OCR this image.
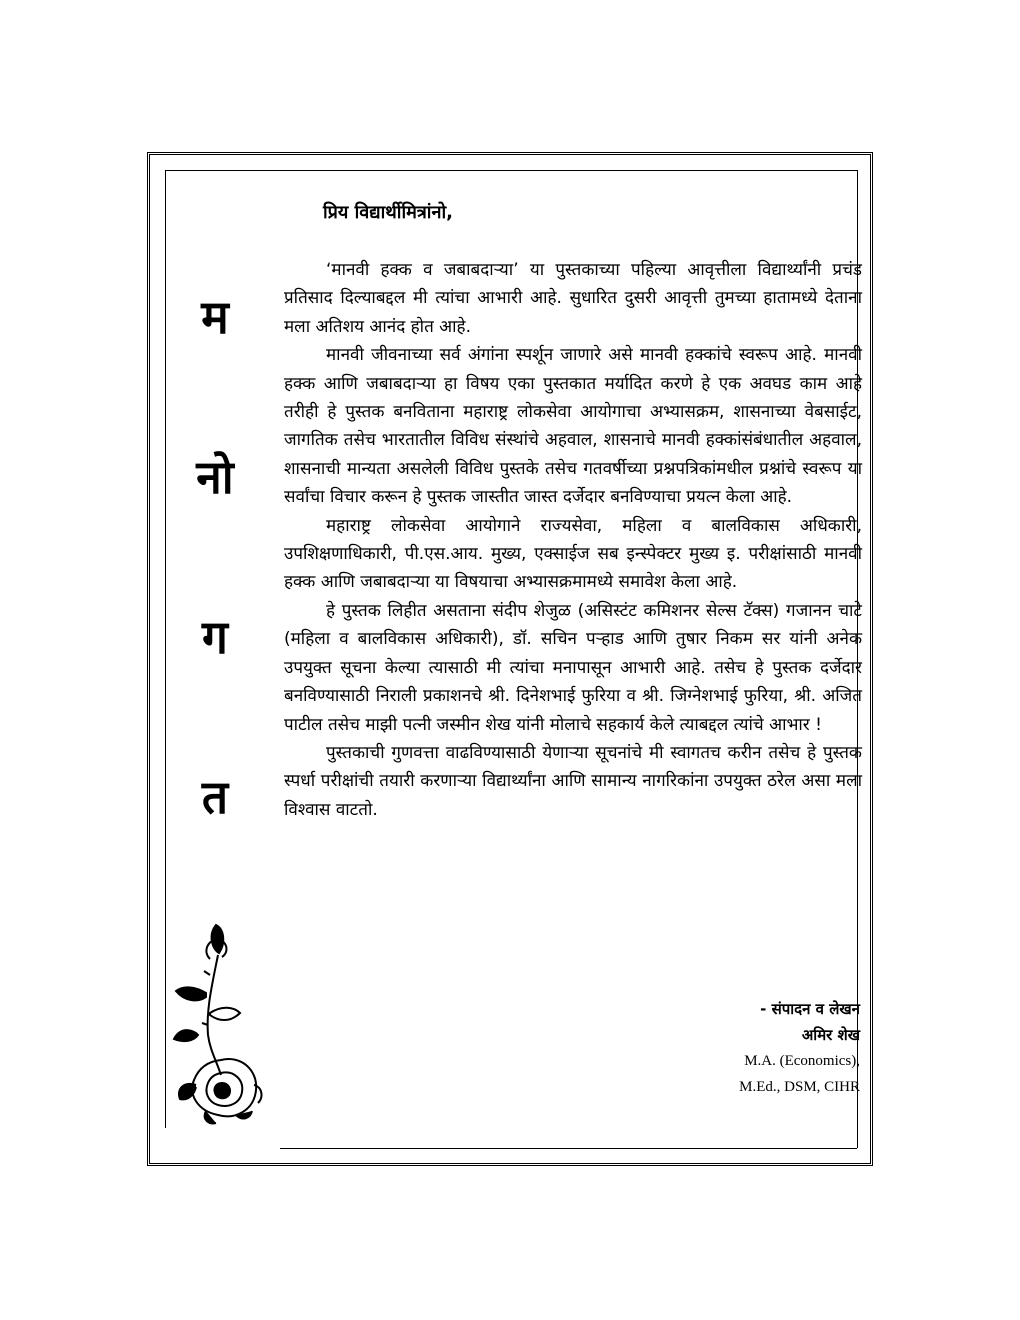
म
नो
ग
त
प्रिय विद्यार्थीमित्रांनो,

‘मानवी हक्क व जबाबदाऱ्या’ या पुस्तकाच्या पहिल्या आवृत्तीला विद्यार्थ्यांनी प्रचंड प्रतिसाद दिल्याबद्दल मी त्यांचा आभारी आहे. सुधारित दुसरी आवृत्ती तुमच्या हातामध्ये देताना मला अतिशय आनंद होत आहे.

मानवी जीवनाच्या सर्व अंगांना स्पर्शून जाणारे असे मानवी हक्कांचे स्वरूप आहे. मानवी हक्क आणि जबाबदाऱ्या हा विषय एका पुस्तकात मर्यादित करणे हे एक अवघड काम आहे तरीही हे पुस्तक बनविताना महाराष्ट्र लोकसेवा आयोगाचा अभ्यासक्रम, शासनाच्या वेबसाईट, जागतिक तसेच भारतातील विविध संस्थांचे अहवाल, शासनाचे मानवी हक्कांसंबंधातील अहवाल, शासनाची मान्यता असलेली विविध पुस्तके तसेच गतवर्षीच्या प्रश्नपत्रिकांमधील प्रश्नांचे स्वरूप या सर्वांचा विचार करून हे पुस्तक जास्तीत जास्त दर्जेदार बनविण्याचा प्रयत्न केला आहे.

महाराष्ट्र लोकसेवा आयोगाने राज्यसेवा, महिला व बालविकास अधिकारी, उपशिक्षणाधिकारी, पी.एस.आय. मुख्य, एक्साईज सब इन्स्पेक्टर मुख्य इ. परीक्षांसाठी मानवी हक्क आणि जबाबदाऱ्या या विषयाचा अभ्यासक्रमामध्ये समावेश केला आहे.

हे पुस्तक लिहीत असताना संदीप शेजुळ (असिस्टंट कमिशनर सेल्स टॅक्स) गजानन चाटे (महिला व बालविकास अधिकारी), डॉ. सचिन पऱ्हाड आणि तुषार निकम सर यांनी अनेक उपयुक्त सूचना केल्या त्यासाठी मी त्यांचा मनापासून आभारी आहे. तसेच हे पुस्तक दर्जेदार बनविण्यासाठी निराली प्रकाशनचे श्री. दिनेशभाई फुरिया व श्री. जिग्नेशभाई फुरिया, श्री. अजित पाटील तसेच माझी पत्नी जस्मीन शेख यांनी मोलाचे सहकार्य केले त्याबद्दल त्यांचे आभार !

पुस्तकाची गुणवत्ता वाढविण्यासाठी येणाऱ्या सूचनांचे मी स्वागतच करीन तसेच हे पुस्तक स्पर्धा परीक्षांची तयारी करणाऱ्या विद्यार्थ्यांना आणि सामान्य नागरिकांना उपयुक्त ठरेल असा मला विश्वास वाटतो.

- संपादन व लेखन
अमिर शेख
M.A. (Economics),
M.Ed., DSM, CIHR
